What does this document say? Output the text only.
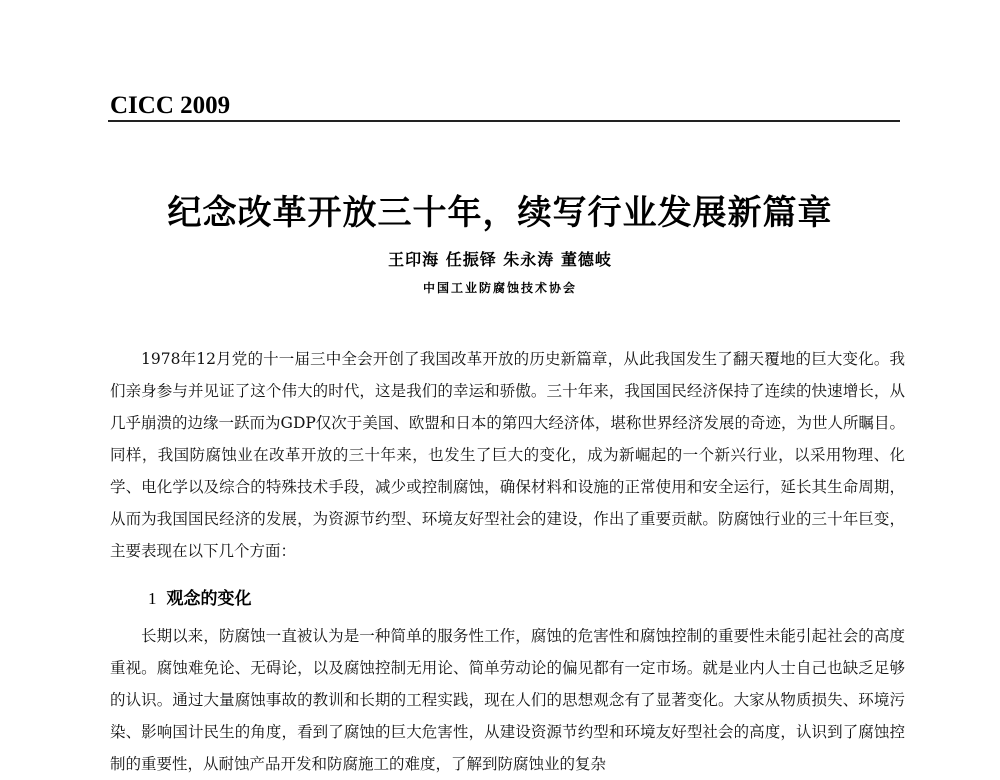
CICC 2009
纪念改革开放三十年，续写行业发展新篇章
王印海 任振铎 朱永涛 董德岐
中国工业防腐蚀技术协会

1978年12月党的十一届三中全会开创了我国改革开放的历史新篇章，从此我国发生了翻天覆地的巨大变化。我们亲身参与并见证了这个伟大的时代，这是我们的幸运和骄傲。三十年来，我国国民经济保持了连续的快速增长，从几乎崩溃的边缘一跃而为GDP仅次于美国、欧盟和日本的第四大经济体，堪称世界经济发展的奇迹，为世人所瞩目。同样，我国防腐蚀业在改革开放的三十年来，也发生了巨大的变化，成为新崛起的一个新兴行业，以采用物理、化学、电化学以及综合的特殊技术手段，减少或控制腐蚀，确保材料和设施的正常使用和安全运行，延长其生命周期，从而为我国国民经济的发展，为资源节约型、环境友好型社会的建设，作出了重要贡献。防腐蚀行业的三十年巨变，主要表现在以下几个方面：

1 观念的变化

长期以来，防腐蚀一直被认为是一种简单的服务性工作，腐蚀的危害性和腐蚀控制的重要性未能引起社会的高度重视。腐蚀难免论、无碍论，以及腐蚀控制无用论、简单劳动论的偏见都有一定市场。就是业内人士自己也缺乏足够的认识。通过大量腐蚀事故的教训和长期的工程实践，现在人们的思想观念有了显著变化。大家从物质损失、环境污染、影响国计民生的角度，看到了腐蚀的巨大危害性，从建设资源节约型和环境友好型社会的高度，认识到了腐蚀控制的重要性，从耐蚀产品开发和防腐施工的难度，了解到防腐蚀业的复杂
